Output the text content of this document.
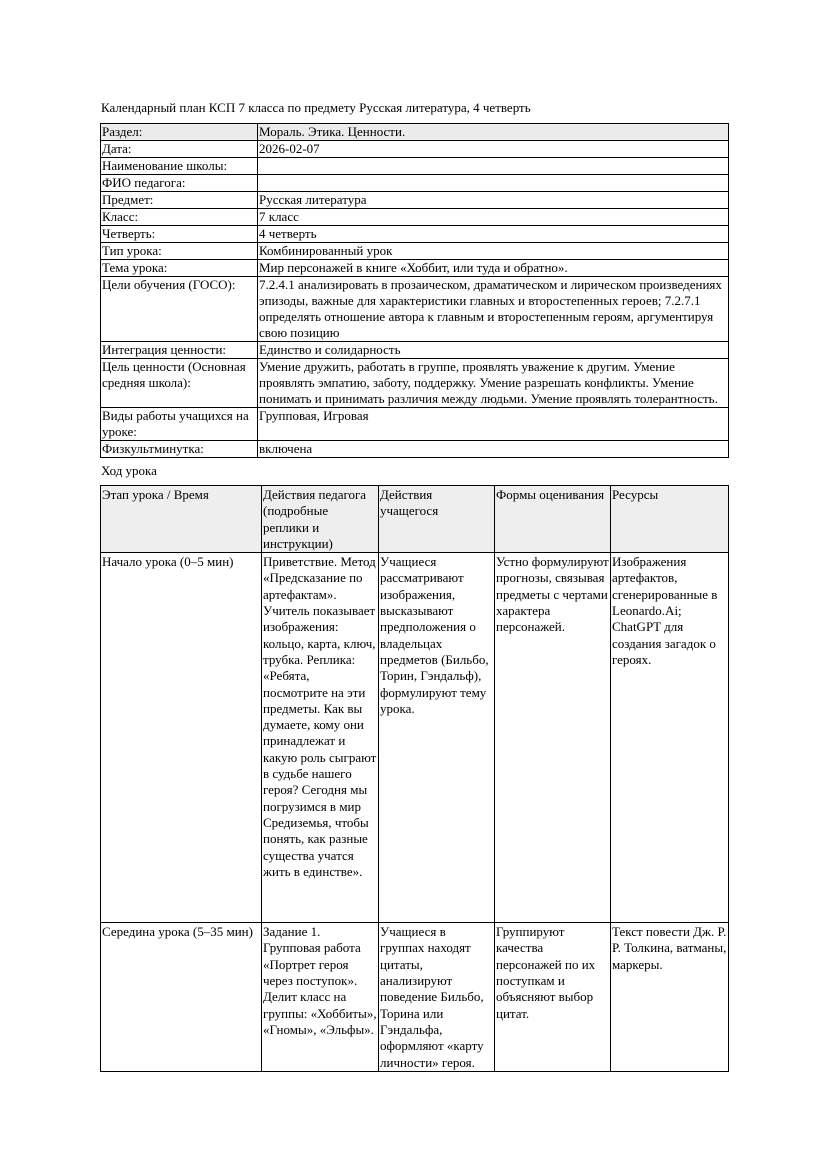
Календарный план КСП 7 класса по предмету Русская литература, 4 четверть
Раздел:	Мораль. Этика. Ценности.
Дата:	2026-02-07
Наименование школы:	
ФИО педагога:	
Предмет:	Русская литература
Класс:	7 класс
Четверть:	4 четверть
Тип урока:	Комбинированный урок
Тема урока:	Мир персонажей в книге «Хоббит, или туда и обратно».
Цели обучения (ГОСО):	7.2.4.1 анализировать в прозаическом, драматическом и лирическом произведениях эпизоды, важные для характеристики главных и второстепенных героев; 7.2.7.1 определять отношение автора к главным и второстепенным героям, аргументируя свою позицию
Интеграция ценности:	Единство и солидарность
Цель ценности (Основная средняя школа):	Умение дружить, работать в группе, проявлять уважение к другим. Умение проявлять эмпатию, заботу, поддержку. Умение разрешать конфликты. Умение понимать и принимать различия между людьми. Умение проявлять толерантность.
Виды работы учащихся на уроке:	Групповая, Игровая
Физкультминутка:	включена
Ход урока
Этап урока / Время	Действия педагога (подробные реплики и инструкции)	Действия учащегося	Формы оценивания	Ресурсы
Начало урока (0–5 мин)	Приветствие. Метод «Предсказание по артефактам». Учитель показывает изображения: кольцо, карта, ключ, трубка. Реплика: «Ребята, посмотрите на эти предметы. Как вы думаете, кому они принадлежат и какую роль сыграют в судьбе нашего героя? Сегодня мы погрузимся в мир Средиземья, чтобы понять, как разные существа учатся жить в единстве».	Учащиеся рассматривают изображения, высказывают предположения о владельцах предметов (Бильбо, Торин, Гэндальф), формулируют тему урока.	Устно формулируют прогнозы, связывая предметы с чертами характера персонажей.	Изображения артефактов, сгенерированные в Leonardo.Ai; ChatGPT для создания загадок о героях.
Середина урока (5–35 мин)	Задание 1. Групповая работа «Портрет героя через поступок». Делит класс на группы: «Хоббиты», «Гномы», «Эльфы».	Учащиеся в группах находят цитаты, анализируют поведение Бильбо, Торина или Гэндальфа, оформляют «карту личности» героя.	Группируют качества персонажей по их поступкам и объясняют выбор цитат.	Текст повести Дж. Р. Р. Толкина, ватманы, маркеры.
